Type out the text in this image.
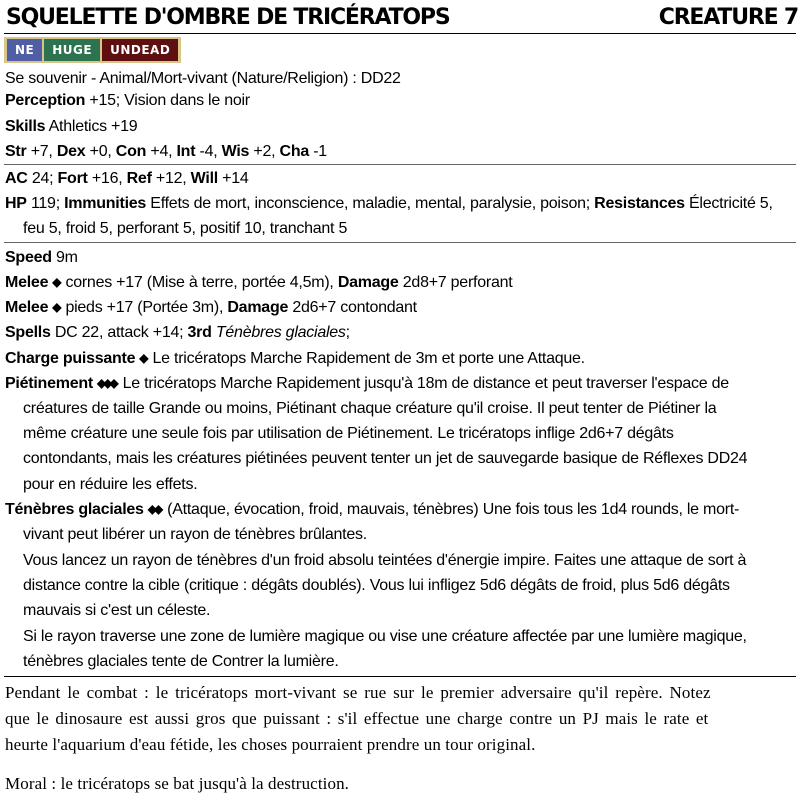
SQUELETTE D'OMBRE DE TRICÉRATOPS	CREATURE 7
NE	HUGE	UNDEAD
Se souvenir - Animal/Mort-vivant (Nature/Religion) : DD22
Perception +15; Vision dans le noir
Skills Athletics +19
Str +7, Dex +0, Con +4, Int -4, Wis +2, Cha -1
AC 24; Fort +16, Ref +12, Will +14
HP 119; Immunities Effets de mort, inconscience, maladie, mental, paralysie, poison; Resistances Électricité 5,
feu 5, froid 5, perforant 5, positif 10, tranchant 5
Speed 9m
Melee ◆ cornes +17 (Mise à terre, portée 4,5m), Damage 2d8+7 perforant
Melee ◆ pieds +17 (Portée 3m), Damage 2d6+7 contondant
Spells DC 22, attack +14; 3rd Ténèbres glaciales;
Charge puissante ◆ Le tricératops Marche Rapidement de 3m et porte une Attaque.
Piétinement ◆◆◆ Le tricératops Marche Rapidement jusqu'à 18m de distance et peut traverser l'espace de
créatures de taille Grande ou moins, Piétinant chaque créature qu'il croise. Il peut tenter de Piétiner la
même créature une seule fois par utilisation de Piétinement. Le tricératops inflige 2d6+7 dégâts
contondants, mais les créatures piétinées peuvent tenter un jet de sauvegarde basique de Réflexes DD24
pour en réduire les effets.
Ténèbres glaciales ◆◆ (Attaque, évocation, froid, mauvais, ténèbres) Une fois tous les 1d4 rounds, le mort-
vivant peut libérer un rayon de ténèbres brûlantes.
Vous lancez un rayon de ténèbres d'un froid absolu teintées d'énergie impire. Faites une attaque de sort à
distance contre la cible (critique : dégâts doublés). Vous lui infligez 5d6 dégâts de froid, plus 5d6 dégâts
mauvais si c'est un céleste.
Si le rayon traverse une zone de lumière magique ou vise une créature affectée par une lumière magique,
ténèbres glaciales tente de Contrer la lumière.
Pendant le combat : le tricératops mort-vivant se rue sur le premier adversaire qu'il repère. Notez
que le dinosaure est aussi gros que puissant : s'il effectue une charge contre un PJ mais le rate et
heurte l'aquarium d'eau fétide, les choses pourraient prendre un tour original.
Moral : le tricératops se bat jusqu'à la destruction.
